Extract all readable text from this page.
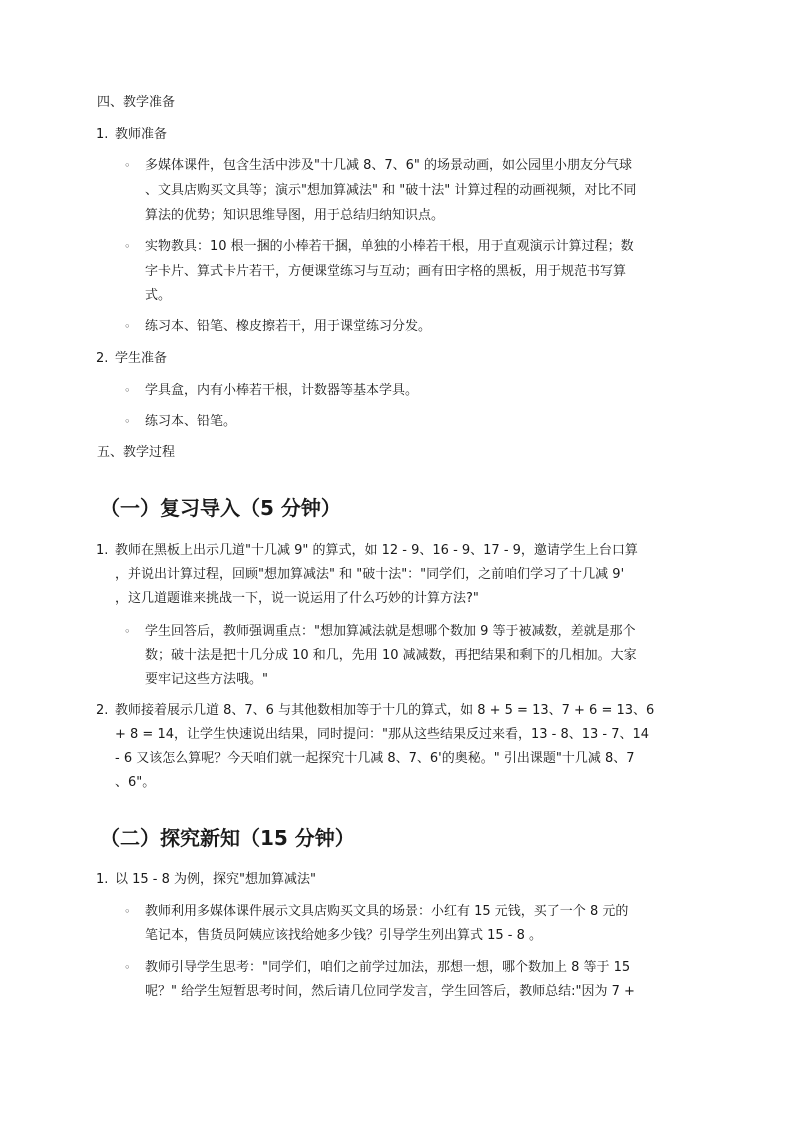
四、教学准备
1. 教师准备
◦ 多媒体课件，包含生活中涉及"十几减 8、7、6" 的场景动画，如公园里小朋友分气球
、文具店购买文具等；演示"想加算减法" 和 "破十法" 计算过程的动画视频，对比不同
算法的优势；知识思维导图，用于总结归纳知识点。
◦ 实物教具：10 根一捆的小棒若干捆，单独的小棒若干根，用于直观演示计算过程；数
字卡片、算式卡片若干，方便课堂练习与互动；画有田字格的黑板，用于规范书写算
式。
◦ 练习本、铅笔、橡皮擦若干，用于课堂练习分发。
2. 学生准备
◦ 学具盒，内有小棒若干根，计数器等基本学具。
◦ 练习本、铅笔。
五、教学过程
（一）复习导入（5 分钟）
1. 教师在黑板上出示几道"十几减 9" 的算式，如 12 - 9、16 - 9、17 - 9，邀请学生上台口算
，并说出计算过程，回顾"想加算减法" 和 "破十法"："同学们，之前咱们学习了十几减 9'
，这几道题谁来挑战一下，说一说运用了什么巧妙的计算方法?"
◦ 学生回答后，教师强调重点："想加算减法就是想哪个数加 9 等于被减数，差就是那个
数；破十法是把十几分成 10 和几，先用 10 减减数，再把结果和剩下的几相加。大家
要牢记这些方法哦。"
2. 教师接着展示几道 8、7、6 与其他数相加等于十几的算式，如 8 + 5 = 13、7 + 6 = 13、6
+ 8 = 14，让学生快速说出结果，同时提问："那从这些结果反过来看，13 - 8、13 - 7、14
- 6 又该怎么算呢？今天咱们就一起探究十几减 8、7、6'的奥秘。" 引出课题"十几减 8、7
、6"。
（二）探究新知（15 分钟）
1. 以 15 - 8 为例，探究"想加算减法"
◦ 教师利用多媒体课件展示文具店购买文具的场景：小红有 15 元钱，买了一个 8 元的
笔记本，售货员阿姨应该找给她多少钱？引导学生列出算式 15 - 8 。
◦ 教师引导学生思考："同学们，咱们之前学过加法，那想一想，哪个数加上 8 等于 15
呢？" 给学生短暂思考时间，然后请几位同学发言，学生回答后，教师总结:"因为 7 +
